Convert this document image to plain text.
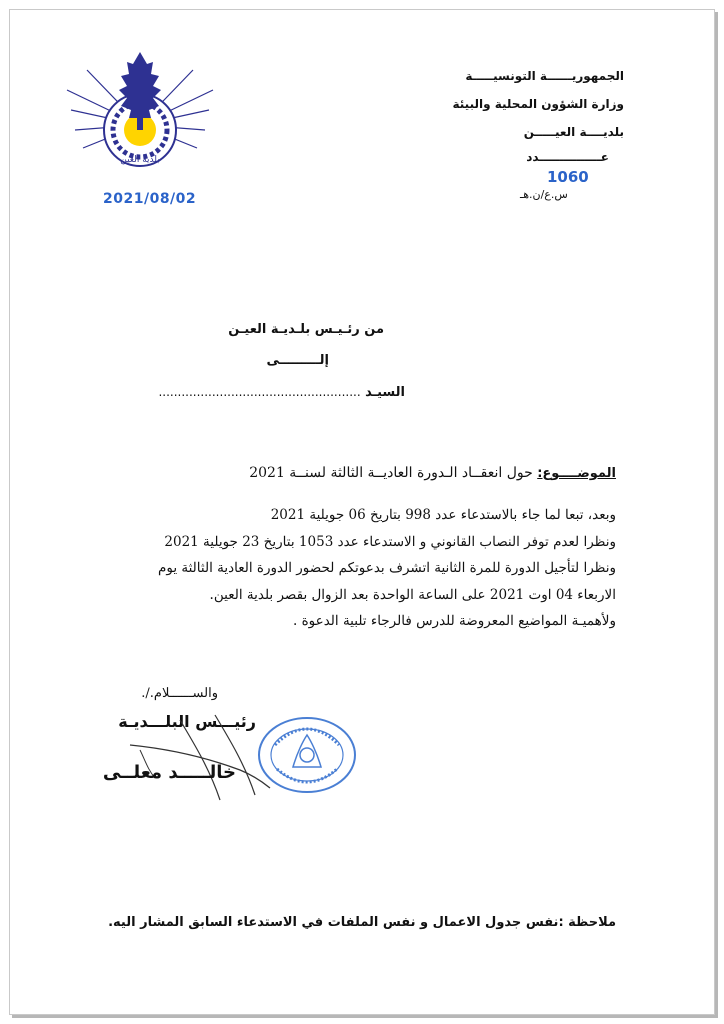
بلدية العين
2021/08/02
الجمهوريــــــة التونسيـــــة
وزارة الشؤون المحلية والبيئة
بلديــــة العيـــــن
عـــــــــــــــدد
1060
س.ع/ن.هـ
من رئـيـس بلـديـة العيـن
إلـــــــــى
السيـد .....................................................
الموضــــوع: حول انعقــاد الـدورة العاديــة الثالثة لسنــة 2021
وبعد، تبعا لما جاء بالاستدعاء عدد 998 بتاريخ 06 جويلية 2021
ونظرا لعدم توفر النصاب القانوني و الاستدعاء عدد 1053 بتاريخ 23 جويلية 2021
ونظرا لتأجيل الدورة للمرة الثانية اتشرف بدعوتكم لحضور الدورة العادية الثالثة يوم
الاربعاء 04 اوت 2021 على الساعة الواحدة بعد الزوال بقصر بلدية العين.
ولأهميـة المواضيع المعروضة للدرس فالرجاء تلبية الدعوة .
والســــــلام./.
رئيـــس البلـــديـة
خالـــــد معلــى
ملاحظة :نفس جدول الاعمال و نفس الملفات في الاستدعاء السابق المشار اليه.
